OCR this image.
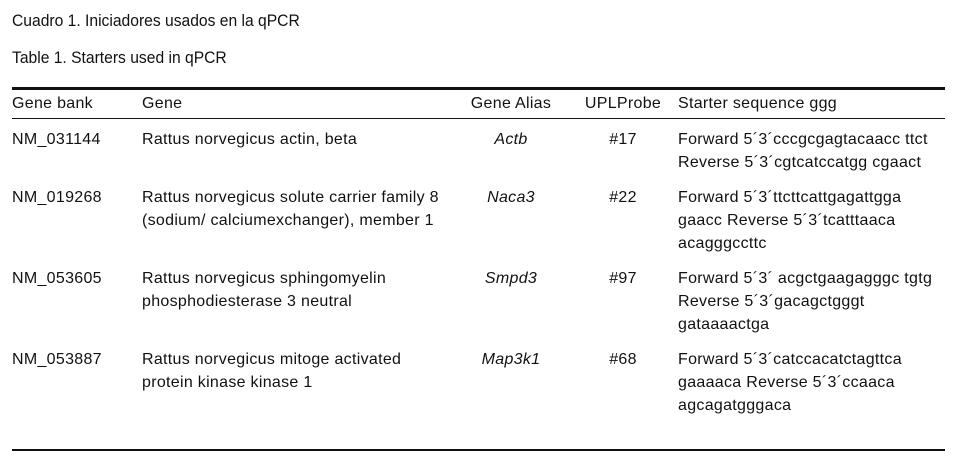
Cuadro 1. Iniciadores usados en la qPCR
Table 1. Starters used in qPCR
Gene bank	Gene	Gene Alias	UPLProbe	Starter sequence ggg
NM_031144	Rattus norvegicus actin, beta	Actb	#17	Forward 5´3´cccgcgagtacaacc ttct Reverse 5´3´cgtcatccatgg cgaact
NM_019268	Rattus norvegicus solute carrier family 8 (sodium/ calciumexchanger), member 1	Naca3	#22	Forward 5´3´ttcttcattgagattgga gaacc Reverse 5´3´tcatttaaca acagggccttc
NM_053605	Rattus norvegicus sphingomyelin phosphodiesterase 3 neutral	Smpd3	#97	Forward 5´3´ acgctgaagagggc tgtg Reverse 5´3´gacagctgggt gataaaactga
NM_053887	Rattus norvegicus mitoge activated protein kinase kinase 1	Map3k1	#68	Forward 5´3´catccacatctagttca gaaaaca Reverse 5´3´ccaaca agcagatgggaca
